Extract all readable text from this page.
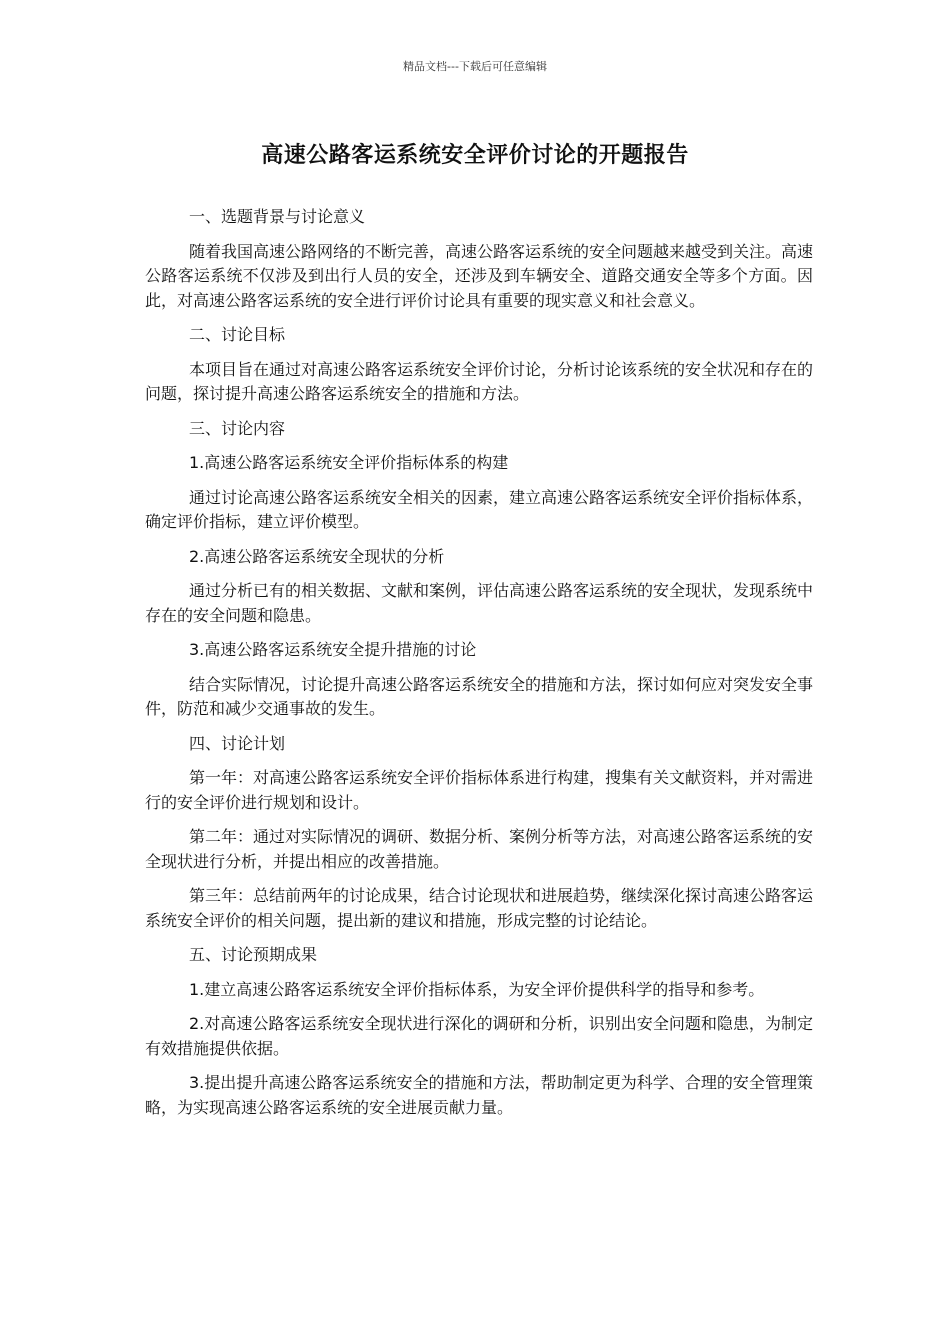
精品文档---下载后可任意编辑
高速公路客运系统安全评价讨论的开题报告

一、选题背景与讨论意义

随着我国高速公路网络的不断完善，高速公路客运系统的安全问题越来越受到关注。高速公路客运系统不仅涉及到出行人员的安全，还涉及到车辆安全、道路交通安全等多个方面。因此，对高速公路客运系统的安全进行评价讨论具有重要的现实意义和社会意义。

二、讨论目标

本项目旨在通过对高速公路客运系统安全评价讨论，分析讨论该系统的安全状况和存在的问题，探讨提升高速公路客运系统安全的措施和方法。

三、讨论内容

1.高速公路客运系统安全评价指标体系的构建

通过讨论高速公路客运系统安全相关的因素，建立高速公路客运系统安全评价指标体系，确定评价指标，建立评价模型。

2.高速公路客运系统安全现状的分析

通过分析已有的相关数据、文献和案例，评估高速公路客运系统的安全现状，发现系统中存在的安全问题和隐患。

3.高速公路客运系统安全提升措施的讨论

结合实际情况，讨论提升高速公路客运系统安全的措施和方法，探讨如何应对突发安全事件，防范和减少交通事故的发生。

四、讨论计划

第一年：对高速公路客运系统安全评价指标体系进行构建，搜集有关文献资料，并对需进行的安全评价进行规划和设计。

第二年：通过对实际情况的调研、数据分析、案例分析等方法，对高速公路客运系统的安全现状进行分析，并提出相应的改善措施。

第三年：总结前两年的讨论成果，结合讨论现状和进展趋势，继续深化探讨高速公路客运系统安全评价的相关问题，提出新的建议和措施，形成完整的讨论结论。

五、讨论预期成果

1.建立高速公路客运系统安全评价指标体系，为安全评价提供科学的指导和参考。

2.对高速公路客运系统安全现状进行深化的调研和分析，识别出安全问题和隐患，为制定有效措施提供依据。

3.提出提升高速公路客运系统安全的措施和方法，帮助制定更为科学、合理的安全管理策略，为实现高速公路客运系统的安全进展贡献力量。
